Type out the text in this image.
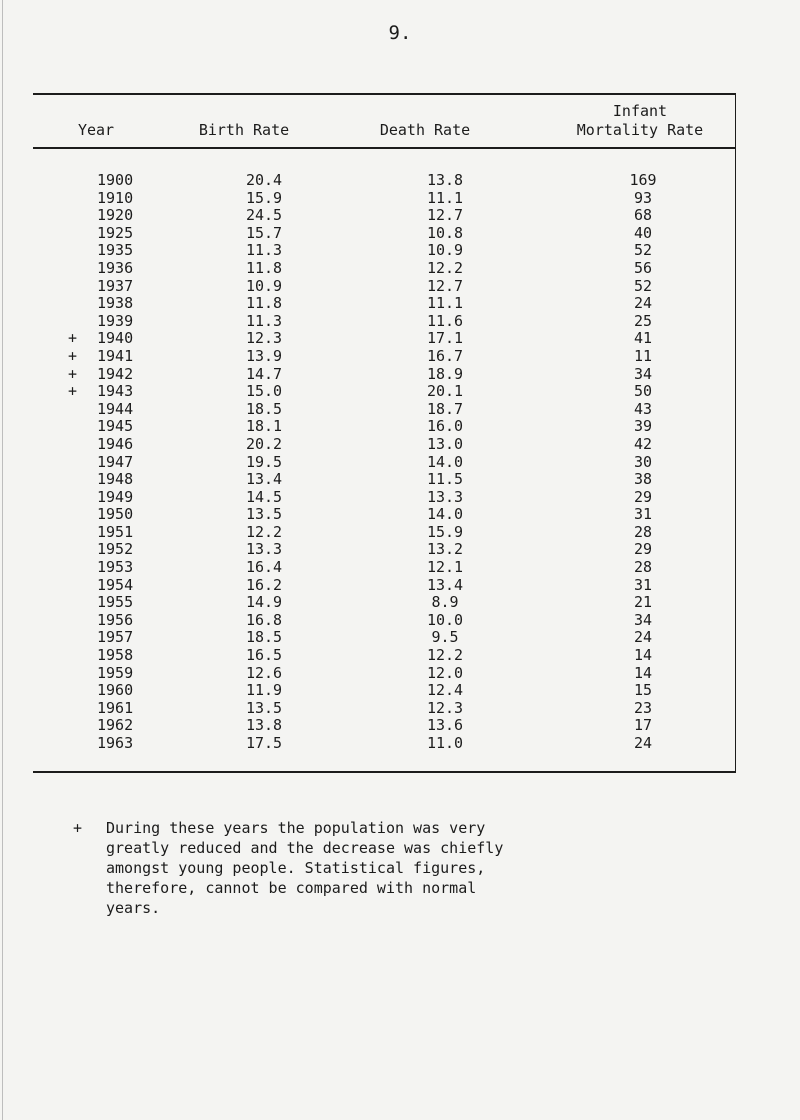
9.
Year	Birth Rate	Death Rate
Infant
Mortality Rate
1900	20.4	13.8	169
1910	15.9	11.1	93
1920	24.5	12.7	68
1925	15.7	10.8	40
1935	11.3	10.9	52
1936	11.8	12.2	56
1937	10.9	12.7	52
1938	11.8	11.1	24
1939	11.3	11.6	25
+ 1940	12.3	17.1	41
+ 1941	13.9	16.7	11
+ 1942	14.7	18.9	34
+ 1943	15.0	20.1	50
1944	18.5	18.7	43
1945	18.1	16.0	39
1946	20.2	13.0	42
1947	19.5	14.0	30
1948	13.4	11.5	38
1949	14.5	13.3	29
1950	13.5	14.0	31
1951	12.2	15.9	28
1952	13.3	13.2	29
1953	16.4	12.1	28
1954	16.2	13.4	31
1955	14.9	8.9	21
1956	16.8	10.0	34
1957	18.5	9.5	24
1958	16.5	12.2	14
1959	12.6	12.0	14
1960	11.9	12.4	15
1961	13.5	12.3	23
1962	13.8	13.6	17
1963	17.5	11.0	24
+ During these years the population was very
greatly reduced and the decrease was chiefly
amongst young people. Statistical figures,
therefore, cannot be compared with normal
years.
